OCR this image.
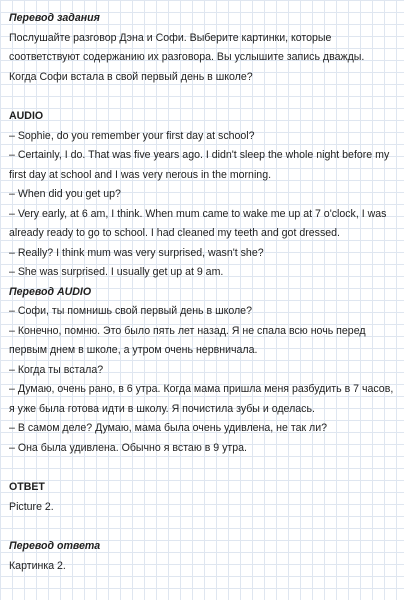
Перевод задания

Послушайте разговор Дэна и Софи. Выберите картинки, которые соответствуют содержанию их разговора. Вы услышите запись дважды. Когда Софи встала в свой первый день в школе?

AUDIO

– Sophie, do you remember your first day at school?
– Certainly, I do. That was five years ago. I didn't sleep the whole night before my first day at school and I was very nerous in the morning.
– When did you get up?
– Very early, at 6 am, I think. When mum came to wake me up at 7 o'clock, I was already ready to go to school. I had cleaned my teeth and got dressed.
– Really? I think mum was very surprised, wasn't she?
– She was surprised. I usually get up at 9 am.

Перевод AUDIO

– Софи, ты помнишь свой первый день в школе?
– Конечно, помню. Это было пять лет назад. Я не спала всю ночь перед первым днем в школе, а утром очень нервничала.
– Когда ты встала?
– Думаю, очень рано, в 6 утра. Когда мама пришла меня разбудить в 7 часов, я уже была готова идти в школу. Я почистила зубы и оделась.
– В самом деле? Думаю, мама была очень удивлена, не так ли?
– Она была удивлена. Обычно я встаю в 9 утра.

ОТВЕТ

Picture 2.

Перевод ответа

Картинка 2.
